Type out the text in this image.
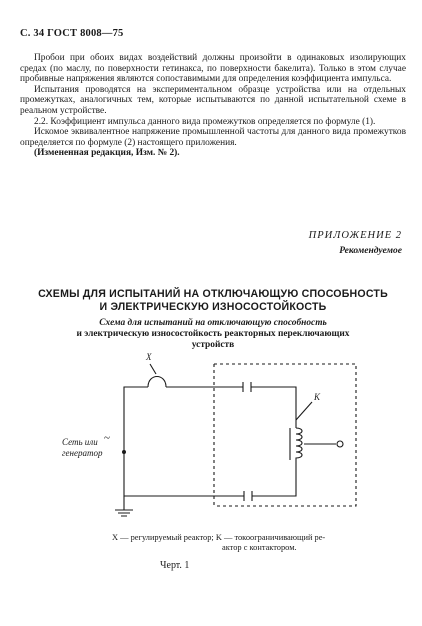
С. 34 ГОСТ 8008—75

Пробои при обоих видах воздействий должны произойти в одинаковых изолирующих средах (по маслу, по поверхности гетинакса, по поверхности бакелита). Только в этом случае пробивные напряжения являются сопоставимыми для определения коэффициента импульса.

Испытания проводятся на экспериментальном образце устройства или на отдельных промежутках, аналогичных тем, которые испытываются по данной испытательной схеме в реальном устройстве.

2.2. Коэффициент импульса данного вида промежутков определяется по формуле (1).

Искомое эквивалентное напряжение промышленной частоты для данного вида промежутков определяется по формуле (2) настоящего приложения.

(Измененная редакция, Изм. № 2).

ПРИЛОЖЕНИЕ 2
Рекомендуемое
СХЕМЫ ДЛЯ ИСПЫТАНИЙ НА ОТКЛЮЧАЮЩУЮ СПОСОБНОСТЬ
И ЭЛЕКТРИЧЕСКУЮ ИЗНОСОСТОЙКОСТЬ
Схема для испытаний на отключающую способность
и электрическую износостойкость реакторных переключающих
устройств
X
K
Сеть или
генератор
~
X — регулируемый реактор; K — токоограничивающий ре-
актор с контактором.
Черт. 1
